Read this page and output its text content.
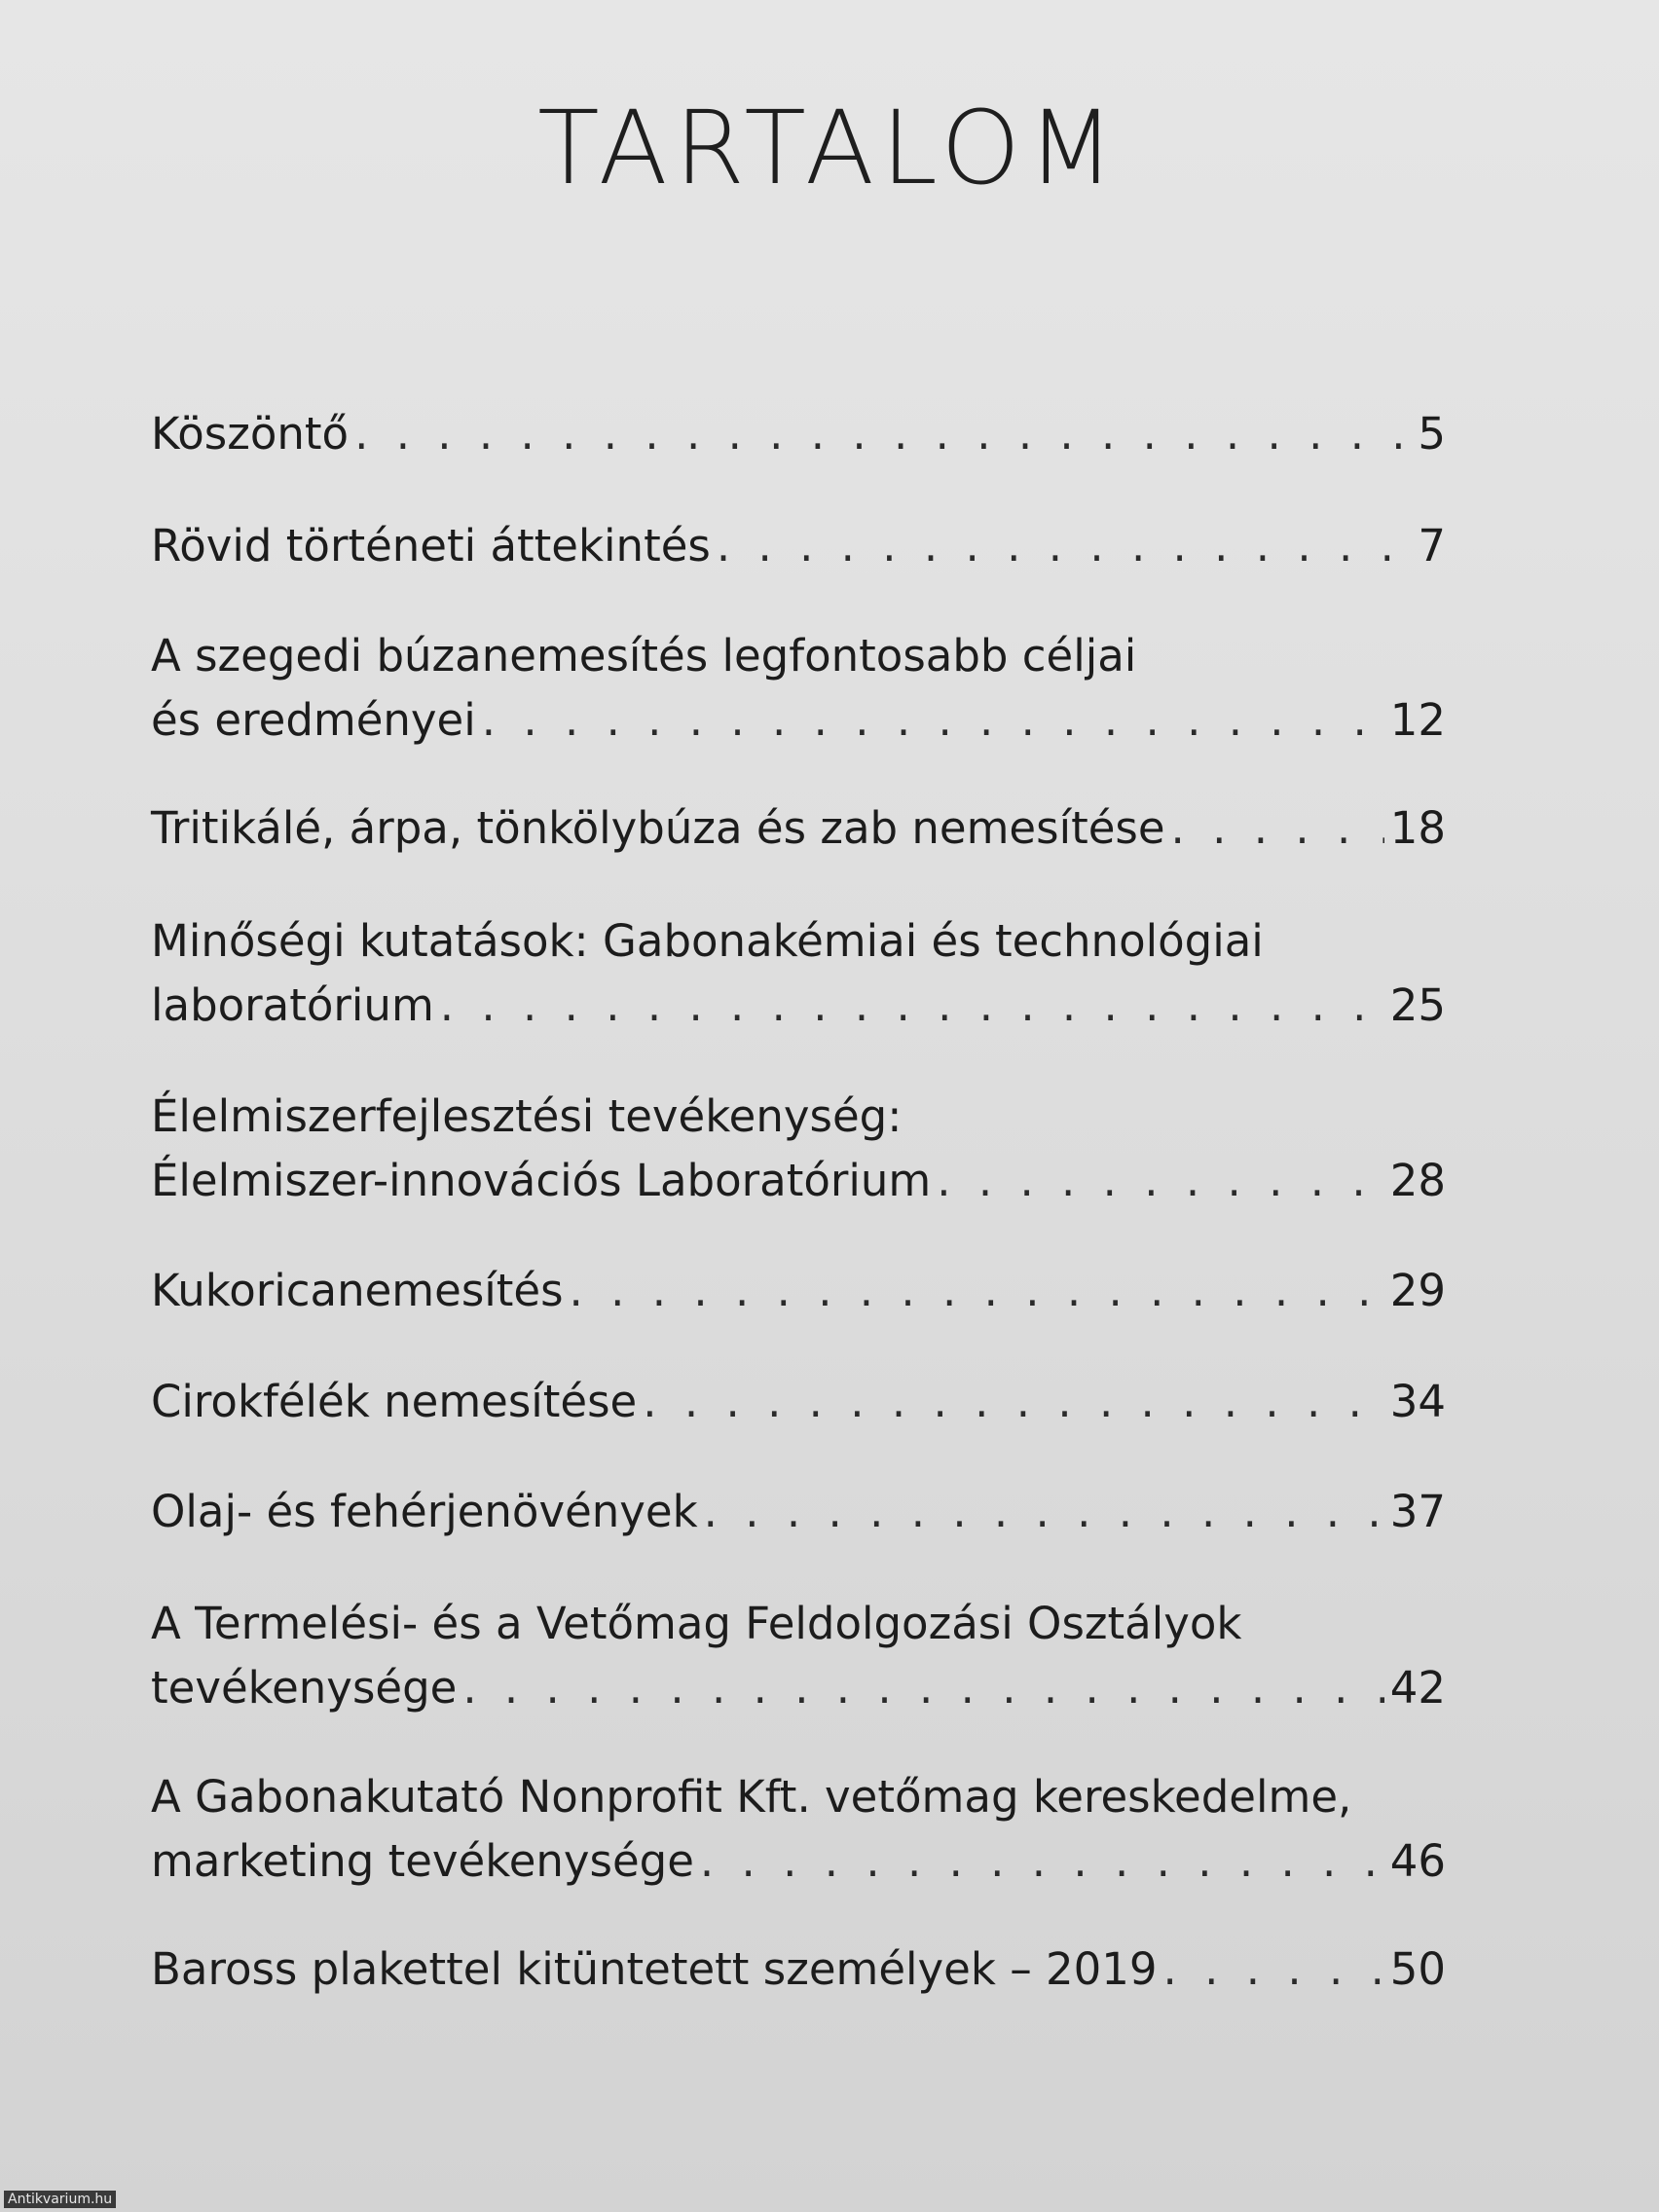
TARTALOM
Köszöntő . . .	5
Rövid történeti áttekintés . . .	7
A szegedi búzanemesítés legfontosabb céljai
és eredményei . . .	12
Tritikálé, árpa, tönkölybúza és zab nemesítése . . .	18
Minőségi kutatások: Gabonakémiai és technológiai
laboratórium . . .	25
Élelmiszerfejlesztési tevékenység:
Élelmiszer-innovációs Laboratórium . . .	28
Kukoricanemesítés . . .	29
Cirokfélék nemesítése . . .	34
Olaj- és fehérjenövények . . .	37
A Termelési- és a Vetőmag Feldolgozási Osztályok
tevékenysége . . .	42
A Gabonakutató Nonprofit Kft. vetőmag kereskedelme,
marketing tevékenysége . . .	46
Baross plakettel kitüntetett személyek – 2019 . . .	50
Antikvarium.hu
